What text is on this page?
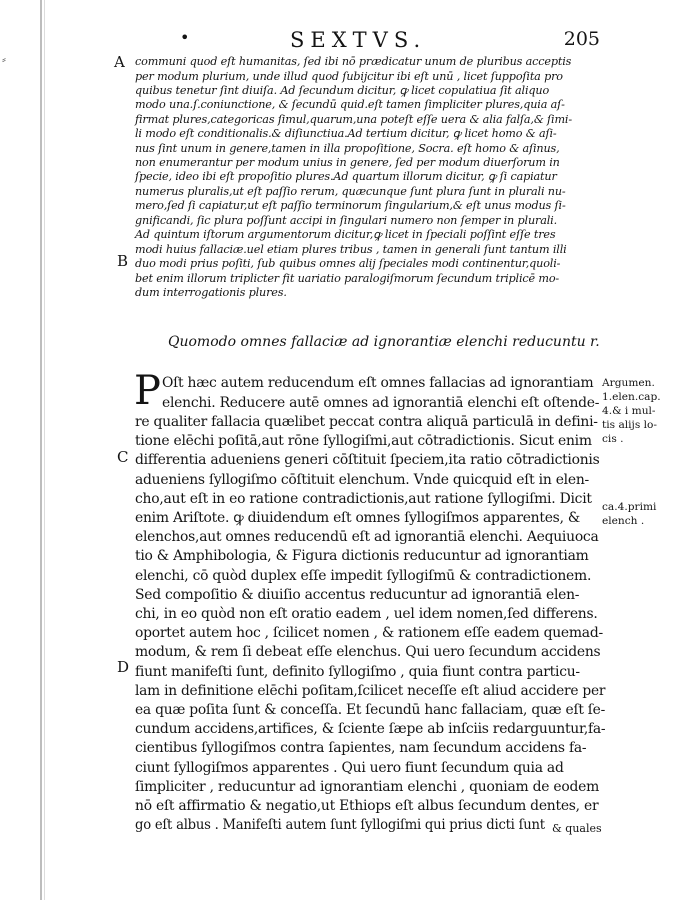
⸗
•	SEXTVS.	205
A
B
C
D
communi quod eſt humanitas, ſed ibi nō prædicatur unum de pluribus acceptis
per modum plurium, unde illud quod ſubijcitur ibi eſt unū , licet ſuppoſita pro
quibus tenetur ſint diuiſa. Ad ſecundum dicitur, ꝙ licet copulatiua ſit aliquo
modo una.ſ.coniunctione, & ſecundū quid.eſt tamen ſimpliciter plures,quia aſ-
firmat plures,categoricas ſimul,quarum,una poteſt eſſe uera & alia falſa,& ſimi-
li modo eſt conditionalis.& diſiunctiua.Ad tertium dicitur, ꝙ licet homo & aſi-
nus ſint unum in genere,tamen in illa propoſitione, Socra. eſt homo & aſinus,
non enumerantur per modum unius in genere, ſed per modum diuerſorum in
ſpecie, ideo ibi eſt propoſitio plures.Ad quartum illorum dicitur, ꝙ ſi capiatur
numerus pluralis,ut eſt paſſio rerum, quæcunque ſunt plura ſunt in plurali nu-
mero,ſed ſi capiatur,ut eſt paſſio terminorum ſingularium,& eſt unus modus ſi-
gnificandi, ſic plura poſſunt accipi in ſingulari numero non ſemper in plurali.
Ad quintum iſtorum argumentorum dicitur,ꝙ licet in ſpeciali poſſint eſſe tres
modi huius fallaciæ.uel etiam plures tribus , tamen in generali ſunt tantum illi
duo modi prius poſiti, ſub quibus omnes alij ſpeciales modi continentur,quoli-
bet enim illorum triplicter fit uariatio paralogiſmorum ſecundum triplicē mo-
dum interrogationis plures.
Quomodo omnes fallaciæ ad ignorantiæ elenchi reducuntu r.
P Oſt hæc autem reducendum eſt omnes fallacias ad ignorantiam
elenchi. Reducere autē omnes ad ignorantiā elenchi eſt oſtende-
re qualiter fallacia quælibet peccat contra aliquā particulā in defini-
tione elēchi poſitā,aut rōne ſyllogiſmi,aut cōtradictionis. Sicut enim
differentia adueniens generi cōſtituit ſpeciem,ita ratio cōtradictionis
adueniens ſyllogiſmo cōſtituit elenchum. Vnde quicquid eſt in elen-
cho,aut eſt in eo ratione contradictionis,aut ratione ſyllogiſmi. Dicit
enim Ariſtote. ꝙ diuidendum eſt omnes ſyllogiſmos apparentes, &
elenchos,aut omnes reducendū eſt ad ignorantiā elenchi. Aequiuoca
tio & Amphibologia, & Figura dictionis reducuntur ad ignorantiam
elenchi, cō quòd duplex eſſe impedit ſyllogiſmū & contradictionem.
Sed compoſitio & diuiſio accentus reducuntur ad ignorantiā elen-
chi, in eo quòd non eſt oratio eadem , uel idem nomen,ſed differens.
oportet autem hoc , ſcilicet nomen , & rationem eſſe eadem quemad-
modum, & rem ſi debeat eſſe elenchus. Qui uero ſecundum accidens
fiunt manifeſti ſunt, definito ſyllogiſmo , quia fiunt contra particu-
lam in definitione elēchi poſitam,ſcilicet neceſſe eſt aliud accidere per
ea quæ poſita ſunt & conceſſa. Et ſecundū hanc fallaciam, quæ eſt ſe-
cundum accidens,artifices, & ſciente ſæpe ab inſciis redarguuntur,fa-
cientibus ſyllogiſmos contra ſapientes, nam ſecundum accidens fa-
ciunt ſyllogiſmos apparentes . Qui uero fiunt ſecundum quia ad
ſimpliciter , reducuntur ad ignorantiam elenchi , quoniam de eodem
nō eſt affirmatio & negatio,ut Ethiops eſt albus ſecundum dentes, er
go eſt albus . Manifeſti autem ſunt ſyllogiſmi qui prius dicti ſunt
Argumen.
1.elen.cap.
4.& i mul-
tis alijs lo-
cis .
ca.4.primi
elench .
& quales
